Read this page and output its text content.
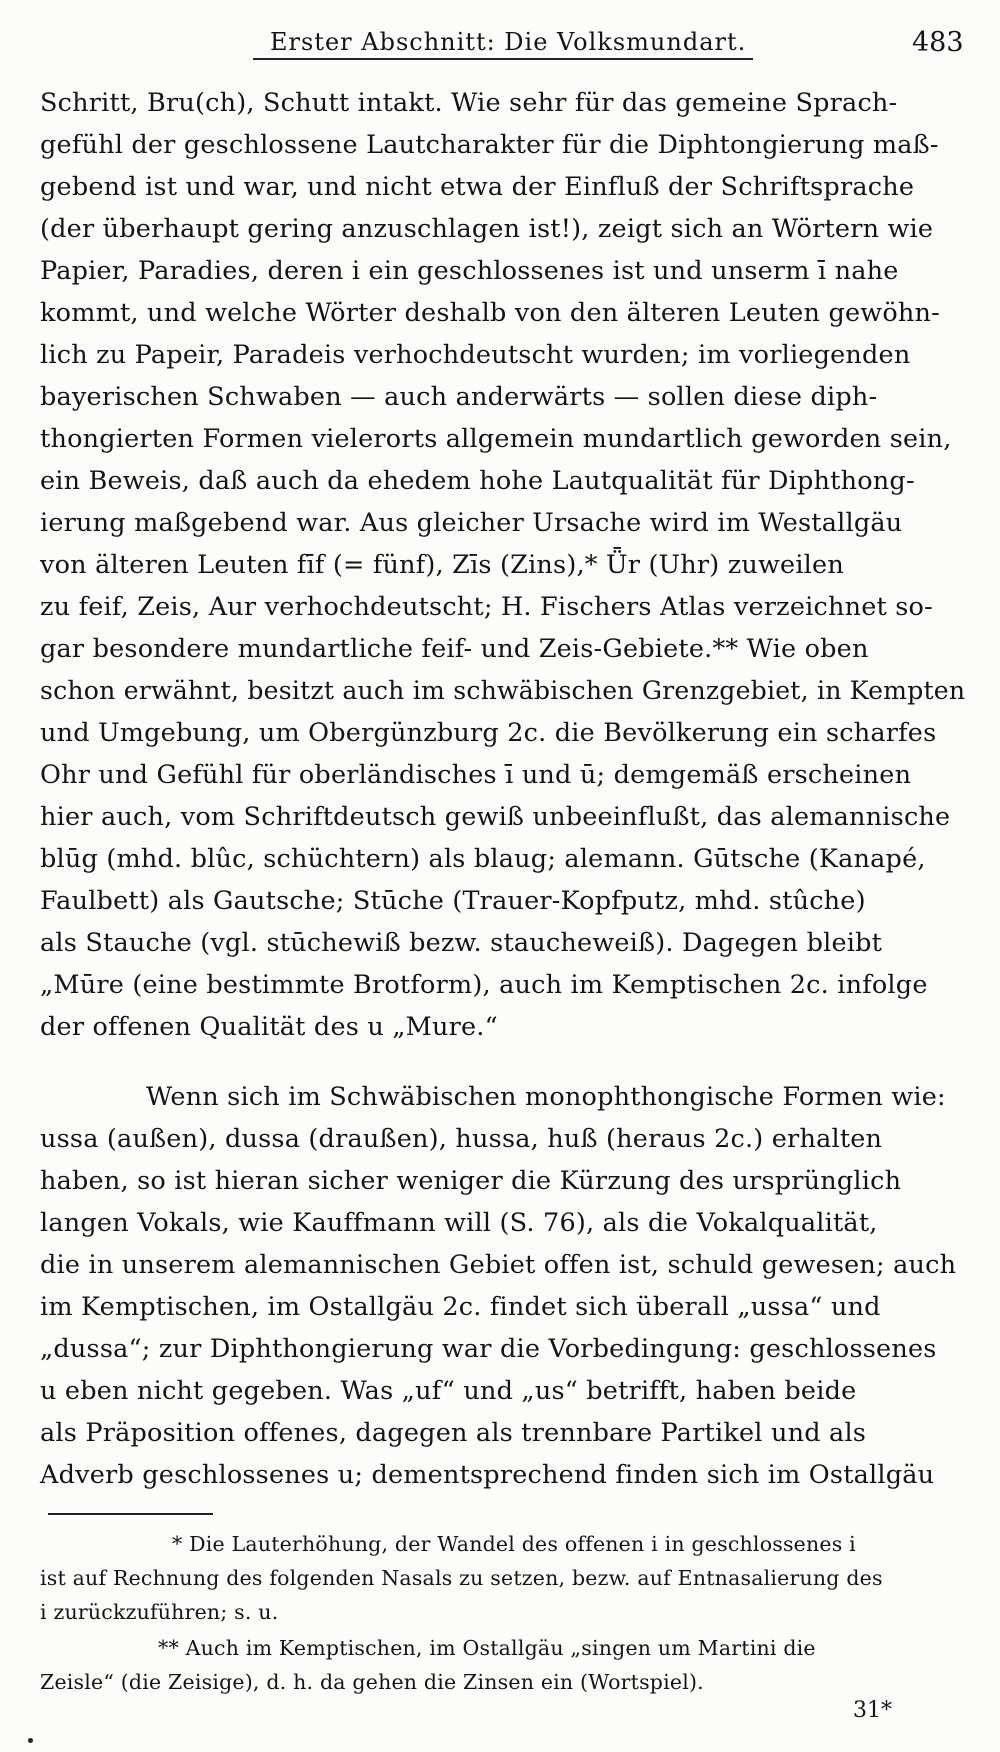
Erster Abschnitt: Die Volksmundart.	483
Schritt, Bru(ch), Schutt intakt. Wie sehr für das gemeine Sprach-
gefühl der geschlossene Lautcharakter für die Diphtongierung maß-
gebend ist und war, und nicht etwa der Einfluß der Schriftsprache
(der überhaupt gering anzuschlagen ist!), zeigt sich an Wörtern wie
Papier, Paradies, deren i ein geschlossenes ist und unserm ī nahe
kommt, und welche Wörter deshalb von den älteren Leuten gewöhn-
lich zu Papeir, Paradeis verhochdeutscht wurden; im vorliegenden
bayerischen Schwaben — auch anderwärts — sollen diese diph-
thongierten Formen vielerorts allgemein mundartlich geworden sein,
ein Beweis, daß auch da ehedem hohe Lautqualität für Diphthong-
ierung maßgebend war. Aus gleicher Ursache wird im Westallgäu
von älteren Leuten fīf (= fünf), Zīs (Zins),* Ǖr (Uhr) zuweilen
zu feif, Zeis, Aur verhochdeutscht; H. Fischers Atlas verzeichnet so-
gar besondere mundartliche feif- und Zeis-Gebiete.** Wie oben
schon erwähnt, besitzt auch im schwäbischen Grenzgebiet, in Kempten
und Umgebung, um Obergünzburg 2c. die Bevölkerung ein scharfes
Ohr und Gefühl für oberländisches ī und ū; demgemäß erscheinen
hier auch, vom Schriftdeutsch gewiß unbeeinflußt, das alemannische
blūg (mhd. blûc, schüchtern) als blaug; alemann. Gūtsche (Kanapé,
Faulbett) als Gautsche; Stūche (Trauer-Kopfputz, mhd. stûche)
als Stauche (vgl. stūchewiß bezw. staucheweiß). Dagegen bleibt
„Mūre (eine bestimmte Brotform), auch im Kemptischen 2c. infolge
der offenen Qualität des u „Mure.“
Wenn sich im Schwäbischen monophthongische Formen wie:
ussa (außen), dussa (draußen), hussa, huß (heraus 2c.) erhalten
haben, so ist hieran sicher weniger die Kürzung des ursprünglich
langen Vokals, wie Kauffmann will (S. 76), als die Vokalqualität,
die in unserem alemannischen Gebiet offen ist, schuld gewesen; auch
im Kemptischen, im Ostallgäu 2c. findet sich überall „ussa“ und
„dussa“; zur Diphthongierung war die Vorbedingung: geschlossenes
u eben nicht gegeben. Was „uf“ und „us“ betrifft, haben beide
als Präposition offenes, dagegen als trennbare Partikel und als
Adverb geschlossenes u; dementsprechend finden sich im Ostallgäu
* Die Lauterhöhung, der Wandel des offenen i in geschlossenes i
ist auf Rechnung des folgenden Nasals zu setzen, bezw. auf Entnasalierung des
i zurückzuführen; s. u.
** Auch im Kemptischen, im Ostallgäu „singen um Martini die
Zeisle“ (die Zeisige), d. h. da gehen die Zinsen ein (Wortspiel).
31*
